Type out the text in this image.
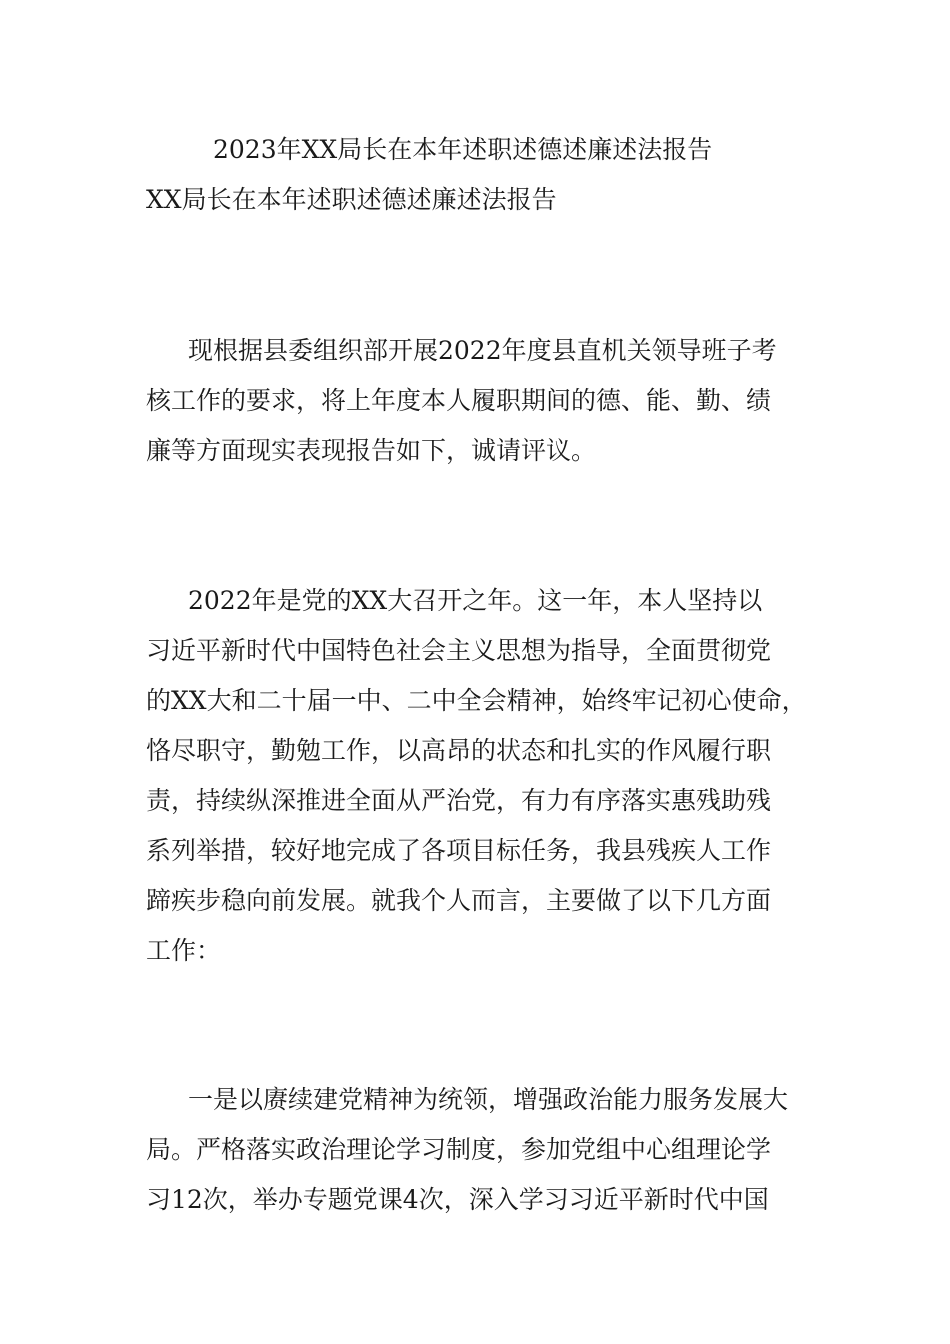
2023年XX局长在本年述职述德述廉述法报告
XX局长在本年述职述德述廉述法报告
现根据县委组织部开展2022年度县直机关领导班子考
核工作的要求，将上年度本人履职期间的德、能、勤、绩
廉等方面现实表现报告如下，诚请评议。
2022年是党的XX大召开之年。这一年，本人坚持以
习近平新时代中国特色社会主义思想为指导，全面贯彻党
的XX大和二十届一中、二中全会精神，始终牢记初心使命，
恪尽职守，勤勉工作，以高昂的状态和扎实的作风履行职
责，持续纵深推进全面从严治党，有力有序落实惠残助残
系列举措，较好地完成了各项目标任务，我县残疾人工作
蹄疾步稳向前发展。就我个人而言，主要做了以下几方面
工作：
一是以赓续建党精神为统领，增强政治能力服务发展大
局。严格落实政治理论学习制度，参加党组中心组理论学
习12次，举办专题党课4次，深入学习习近平新时代中国
